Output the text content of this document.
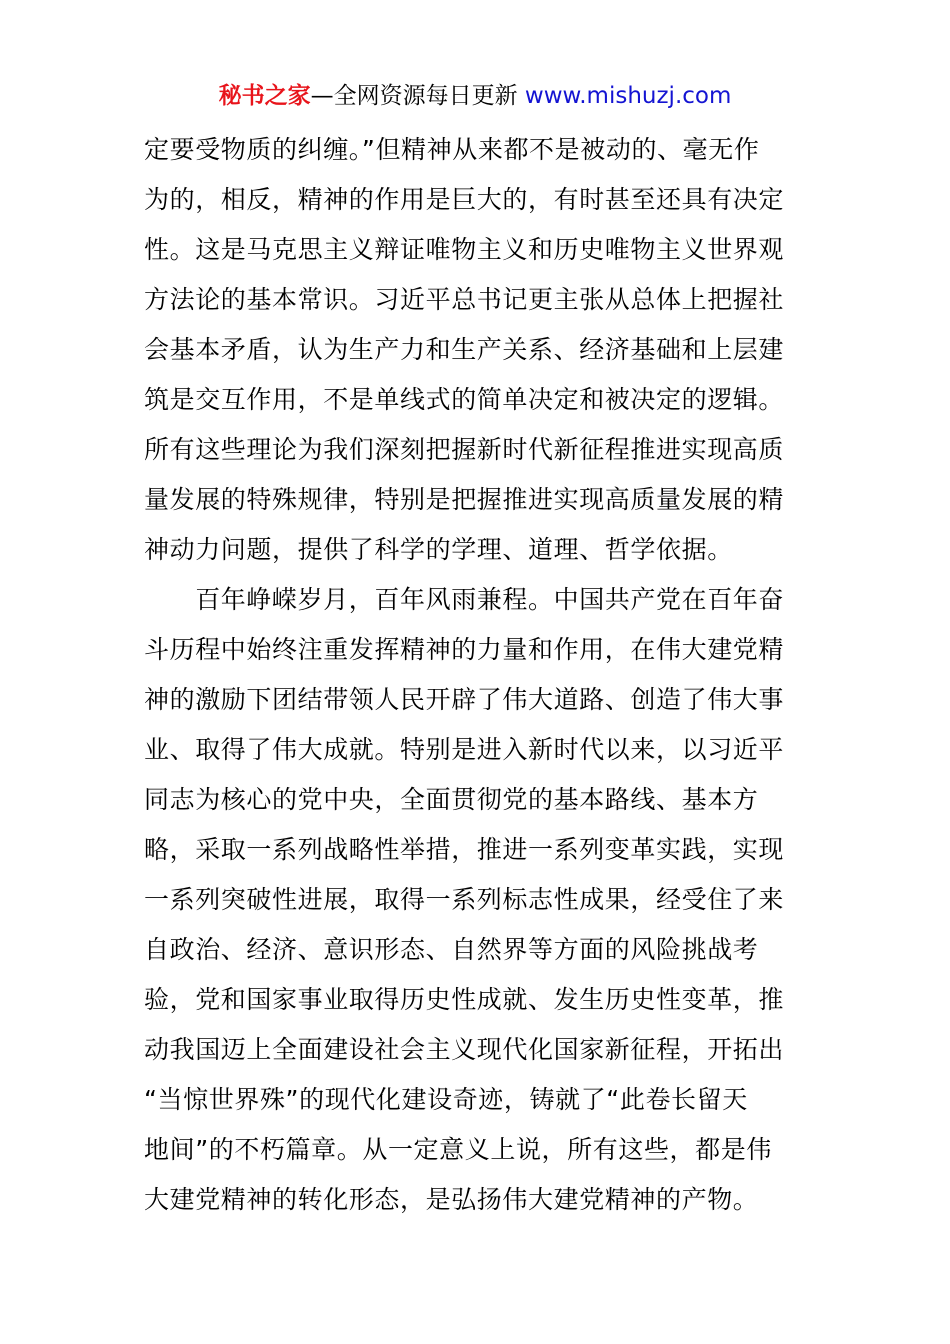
秘书之家—全网资源每日更新 www.mishuzj.com
定要受物质的纠缠。”但精神从来都不是被动的、毫无作
为的，相反，精神的作用是巨大的，有时甚至还具有决定
性。这是马克思主义辩证唯物主义和历史唯物主义世界观
方法论的基本常识。习近平总书记更主张从总体上把握社
会基本矛盾，认为生产力和生产关系、经济基础和上层建
筑是交互作用，不是单线式的简单决定和被决定的逻辑。
所有这些理论为我们深刻把握新时代新征程推进实现高质
量发展的特殊规律，特别是把握推进实现高质量发展的精
神动力问题，提供了科学的学理、道理、哲学依据。
　　百年峥嵘岁月，百年风雨兼程。中国共产党在百年奋
斗历程中始终注重发挥精神的力量和作用，在伟大建党精
神的激励下团结带领人民开辟了伟大道路、创造了伟大事
业、取得了伟大成就。特别是进入新时代以来，以习近平
同志为核心的党中央，全面贯彻党的基本路线、基本方
略，采取一系列战略性举措，推进一系列变革实践，实现
一系列突破性进展，取得一系列标志性成果，经受住了来
自政治、经济、意识形态、自然界等方面的风险挑战考
验，党和国家事业取得历史性成就、发生历史性变革，推
动我国迈上全面建设社会主义现代化国家新征程，开拓出
“当惊世界殊”的现代化建设奇迹，铸就了“此卷长留天
地间”的不朽篇章。从一定意义上说，所有这些，都是伟
大建党精神的转化形态，是弘扬伟大建党精神的产物。
